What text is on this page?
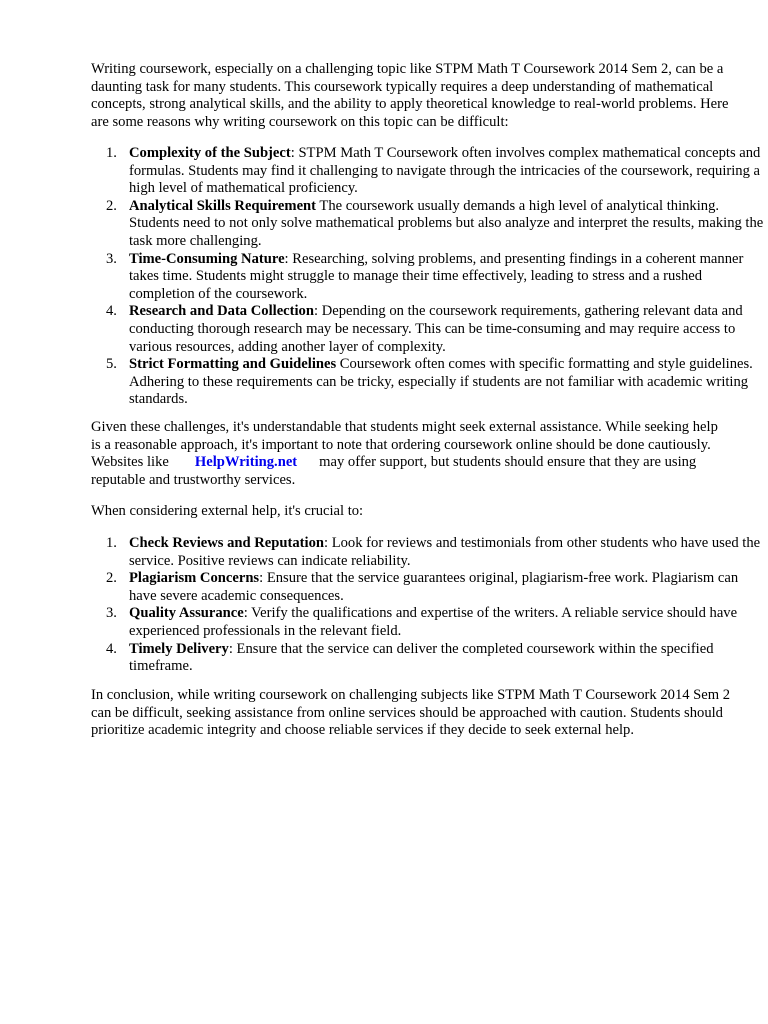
Writing coursework, especially on a challenging topic like STPM Math T Coursework 2014 Sem 2, can be a daunting task for many students. This coursework typically requires a deep understanding of mathematical concepts, strong analytical skills, and the ability to apply theoretical knowledge to real-world problems. Here are some reasons why writing coursework on this topic can be difficult:

1. Complexity of the Subject: STPM Math T Coursework often involves complex mathematical concepts and formulas. Students may find it challenging to navigate through the intricacies of the coursework, requiring a high level of mathematical proficiency.
2. Analytical Skills Requirement The coursework usually demands a high level of analytical thinking. Students need to not only solve mathematical problems but also analyze and interpret the results, making the task more challenging.
3. Time-Consuming Nature: Researching, solving problems, and presenting findings in a coherent manner takes time. Students might struggle to manage their time effectively, leading to stress and a rushed completion of the coursework.
4. Research and Data Collection: Depending on the coursework requirements, gathering relevant data and conducting thorough research may be necessary. This can be time-consuming and may require access to various resources, adding another layer of complexity.
5. Strict Formatting and Guidelines Coursework often comes with specific formatting and style guidelines. Adhering to these requirements can be tricky, especially if students are not familiar with academic writing standards.

Given these challenges, it's understandable that students might seek external assistance. While seeking help is a reasonable approach, it's important to note that ordering coursework online should be done cautiously. Websites like HelpWriting.net may offer support, but students should ensure that they are using reputable and trustworthy services.

When considering external help, it's crucial to:

1. Check Reviews and Reputation: Look for reviews and testimonials from other students who have used the service. Positive reviews can indicate reliability.
2. Plagiarism Concerns: Ensure that the service guarantees original, plagiarism-free work. Plagiarism can have severe academic consequences.
3. Quality Assurance: Verify the qualifications and expertise of the writers. A reliable service should have experienced professionals in the relevant field.
4. Timely Delivery: Ensure that the service can deliver the completed coursework within the specified timeframe.

In conclusion, while writing coursework on challenging subjects like STPM Math T Coursework 2014 Sem 2 can be difficult, seeking assistance from online services should be approached with caution. Students should prioritize academic integrity and choose reliable services if they decide to seek external help.
